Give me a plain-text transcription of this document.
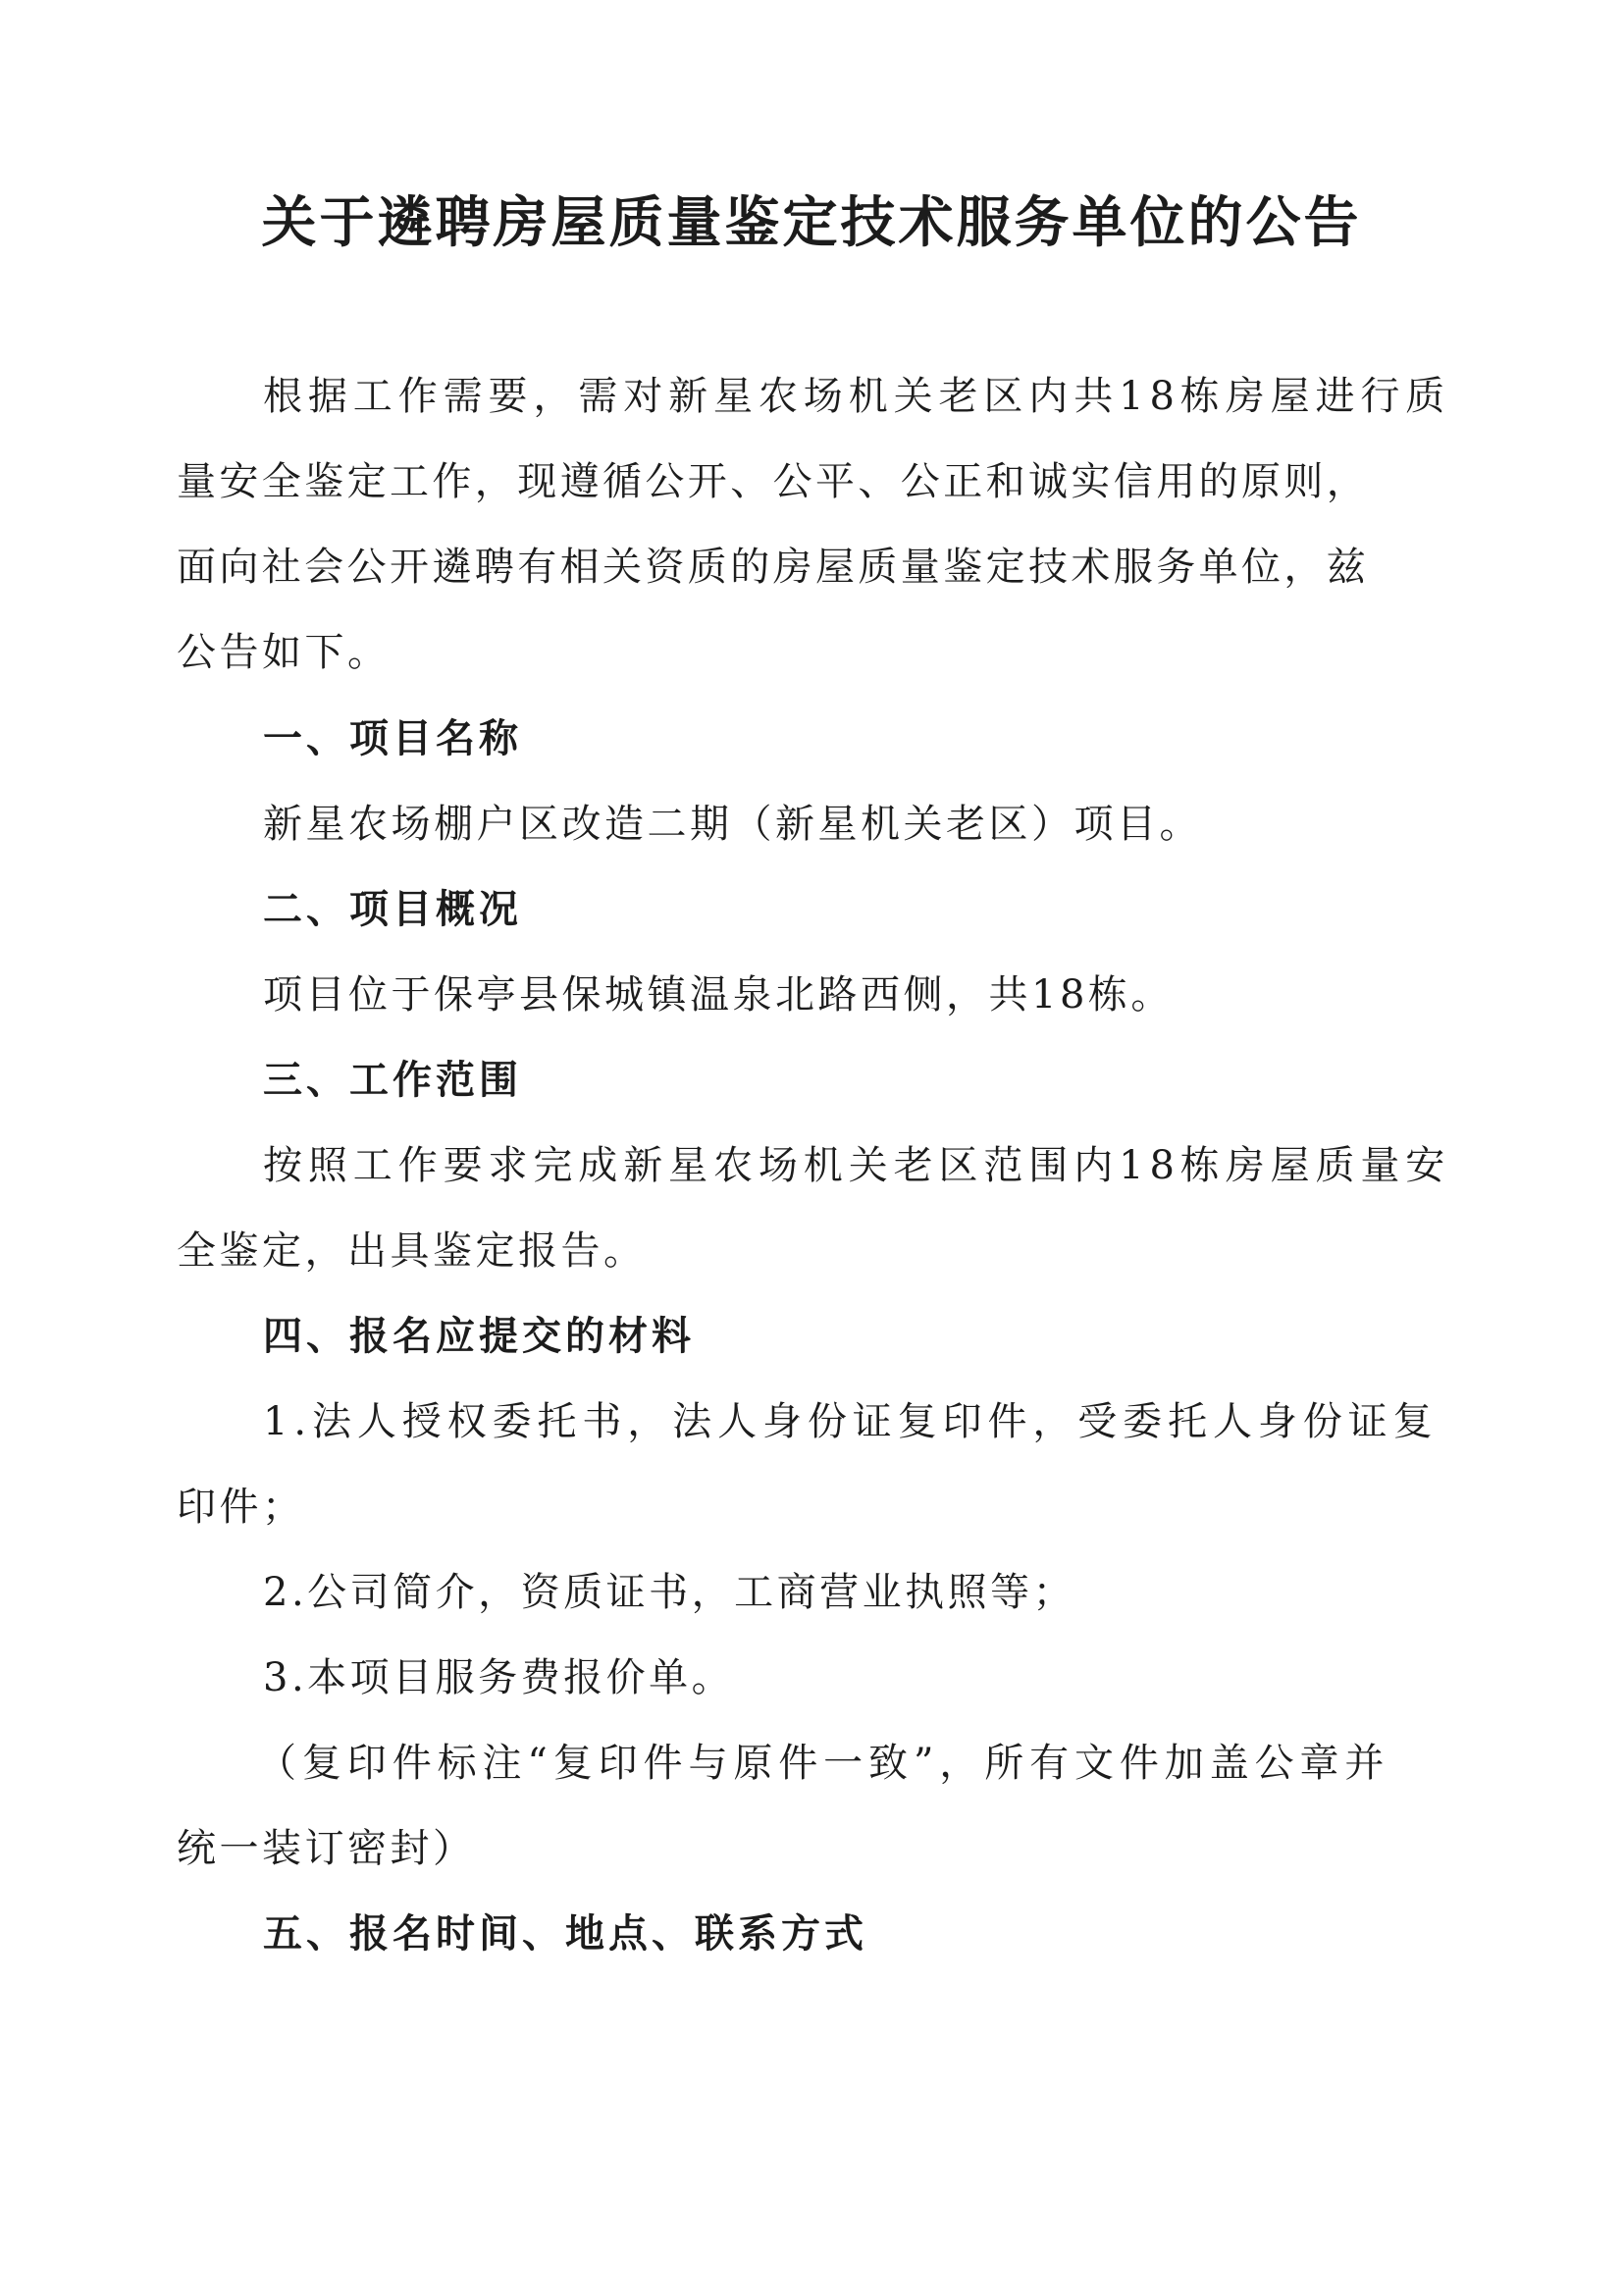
关于遴聘房屋质量鉴定技术服务单位的公告
根据工作需要，需对新星农场机关老区内共18栋房屋进行质
量安全鉴定工作，现遵循公开、公平、公正和诚实信用的原则，
面向社会公开遴聘有相关资质的房屋质量鉴定技术服务单位，兹
公告如下。
一、项目名称
新星农场棚户区改造二期（新星机关老区）项目。
二、项目概况
项目位于保亭县保城镇温泉北路西侧，共18栋。
三、工作范围
按照工作要求完成新星农场机关老区范围内18栋房屋质量安
全鉴定，出具鉴定报告。
四、报名应提交的材料
1.法人授权委托书，法人身份证复印件，受委托人身份证复
印件；
2.公司简介，资质证书，工商营业执照等；
3.本项目服务费报价单。
（复印件标注“复印件与原件一致”，所有文件加盖公章并
统一装订密封）
五、报名时间、地点、联系方式
